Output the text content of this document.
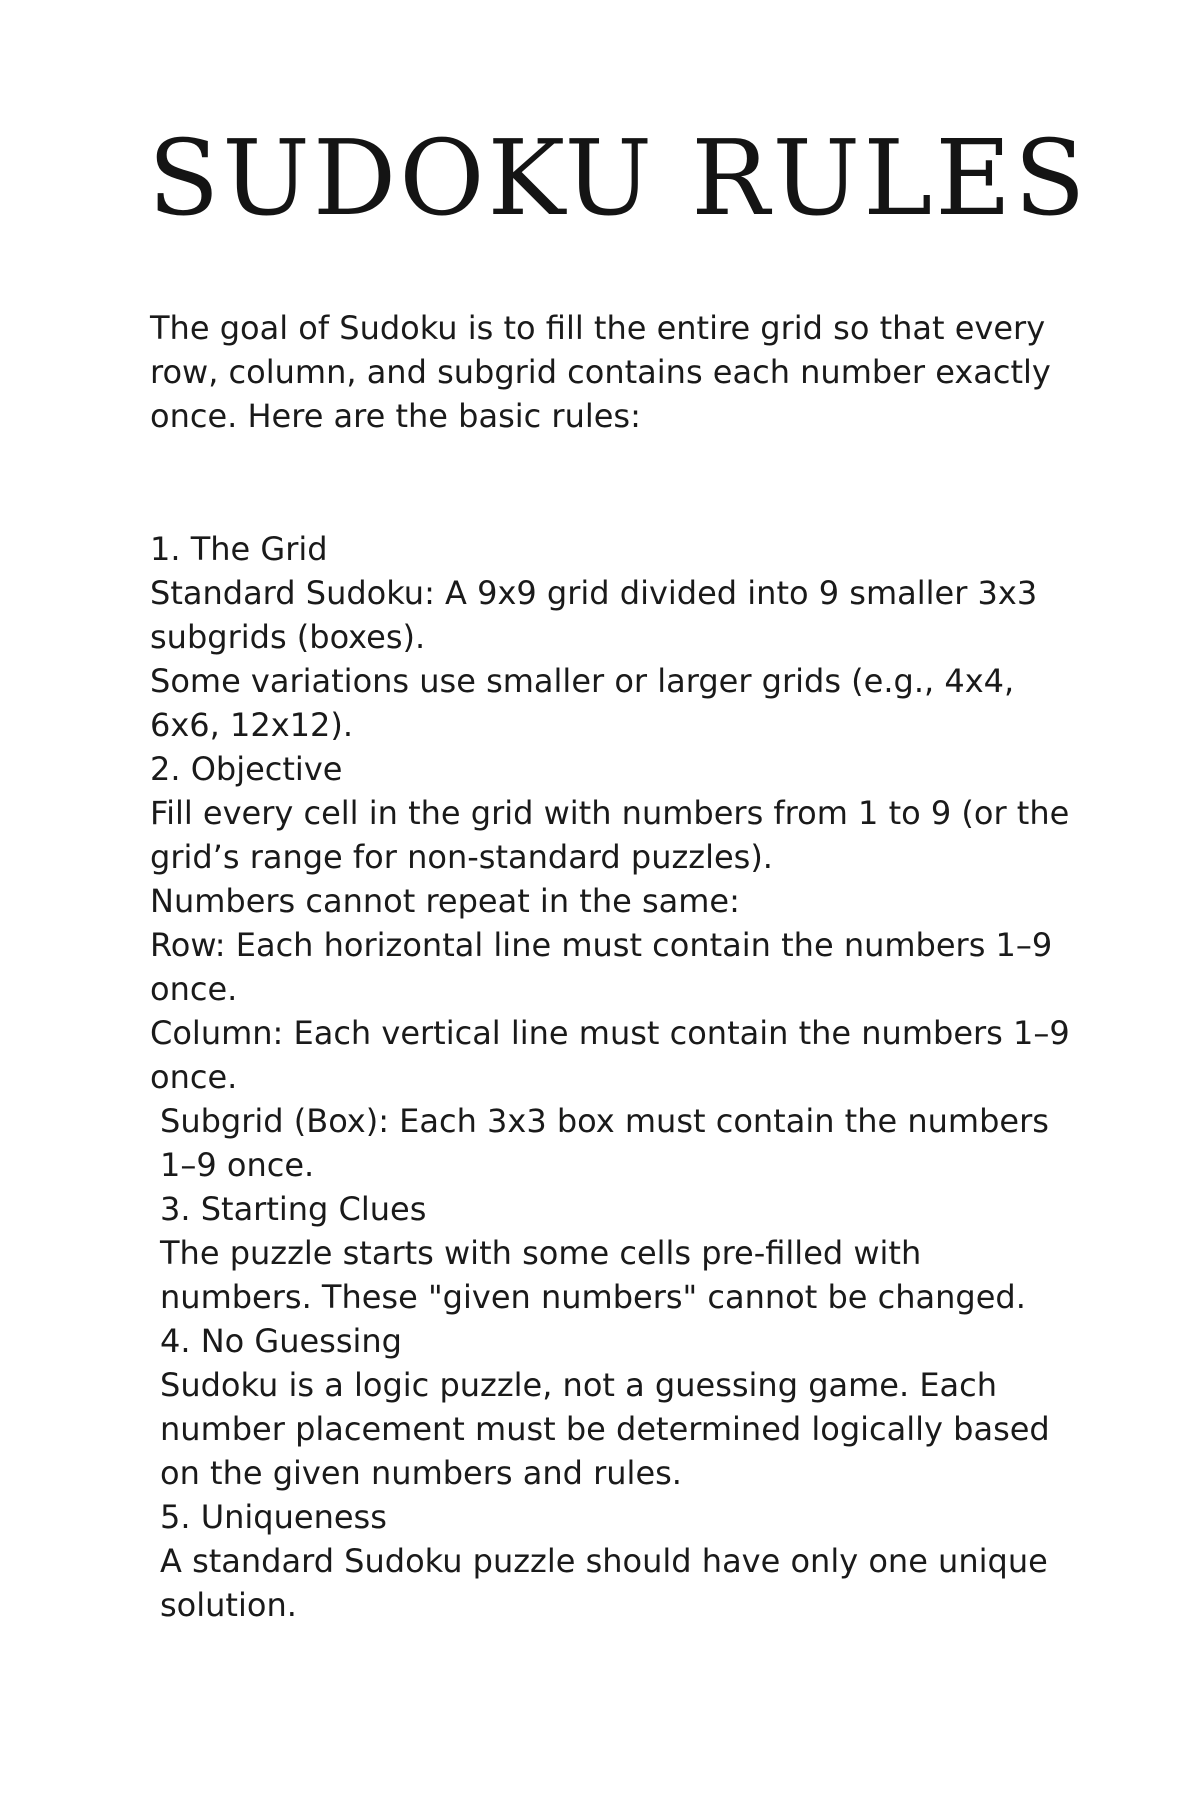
SUDOKU RULES

The goal of Sudoku is to fill the entire grid so that every row, column, and subgrid contains each number exactly once. Here are the basic rules:

1. The Grid
Standard Sudoku: A 9x9 grid divided into 9 smaller 3x3 subgrids (boxes).
Some variations use smaller or larger grids (e.g., 4x4, 6x6, 12x12).
2. Objective
Fill every cell in the grid with numbers from 1 to 9 (or the grid’s range for non-standard puzzles).
Numbers cannot repeat in the same:
Row: Each horizontal line must contain the numbers 1–9 once.
Column: Each vertical line must contain the numbers 1–9 once.
Subgrid (Box): Each 3x3 box must contain the numbers 1–9 once.
3. Starting Clues
The puzzle starts with some cells pre-filled with numbers. These "given numbers" cannot be changed.
4. No Guessing
Sudoku is a logic puzzle, not a guessing game. Each number placement must be determined logically based on the given numbers and rules.
5. Uniqueness
A standard Sudoku puzzle should have only one unique solution.
